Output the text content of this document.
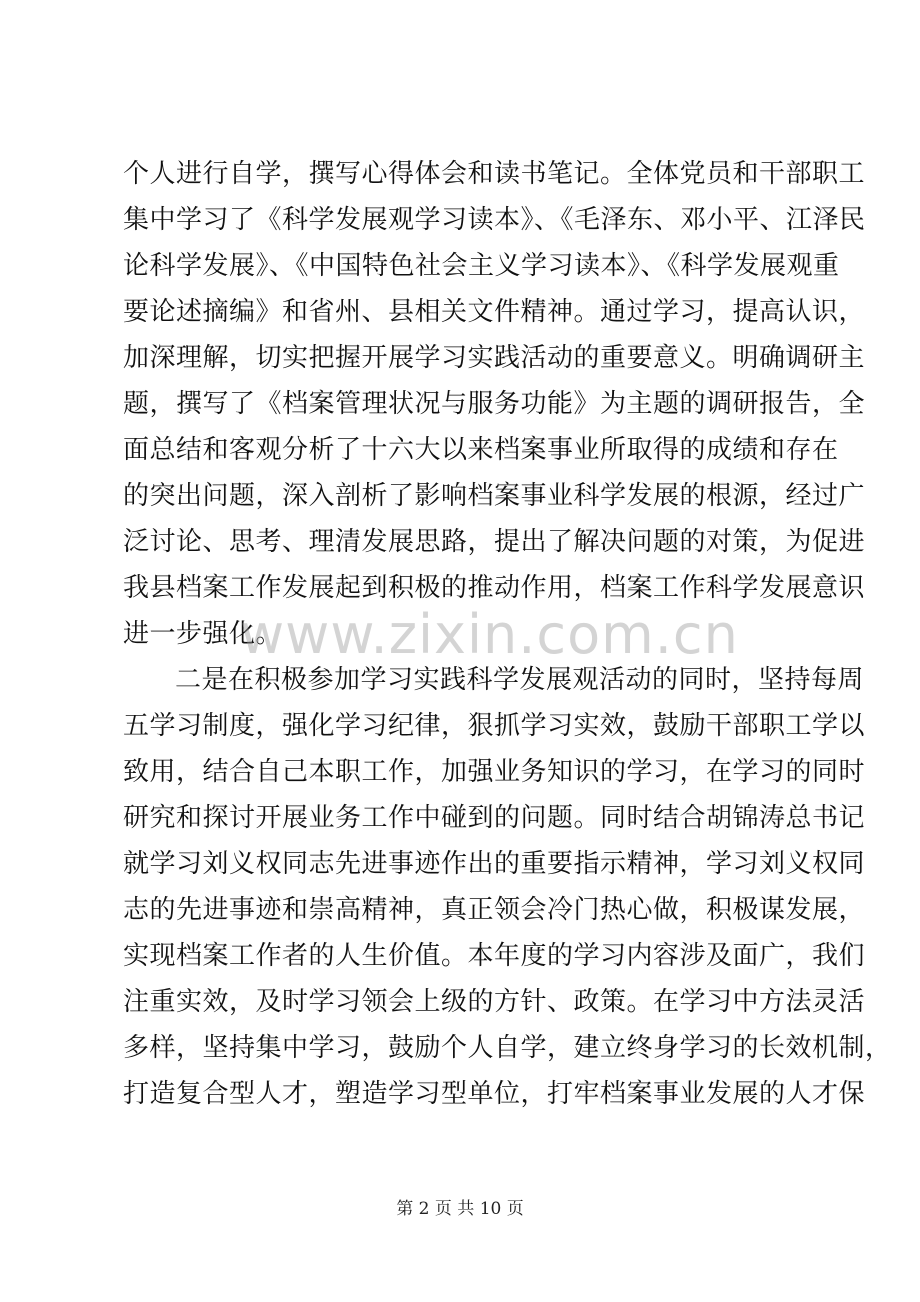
个人进行自学，撰写心得体会和读书笔记。全体党员和干部职工
集中学习了《科学发展观学习读本》、《毛泽东、邓小平、江泽民
论科学发展》、《中国特色社会主义学习读本》、《科学发展观重
要论述摘编》和省州、县相关文件精神。通过学习，提高认识，
加深理解，切实把握开展学习实践活动的重要意义。明确调研主
题，撰写了《档案管理状况与服务功能》为主题的调研报告，全
面总结和客观分析了十六大以来档案事业所取得的成绩和存在
的突出问题，深入剖析了影响档案事业科学发展的根源，经过广
泛讨论、思考、理清发展思路，提出了解决问题的对策，为促进
我县档案工作发展起到积极的推动作用，档案工作科学发展意识
进一步强化。
二是在积极参加学习实践科学发展观活动的同时，坚持每周
五学习制度，强化学习纪律，狠抓学习实效，鼓励干部职工学以
致用，结合自己本职工作，加强业务知识的学习，在学习的同时
研究和探讨开展业务工作中碰到的问题。同时结合胡锦涛总书记
就学习刘义权同志先进事迹作出的重要指示精神，学习刘义权同
志的先进事迹和崇高精神，真正领会冷门热心做，积极谋发展，
实现档案工作者的人生价值。本年度的学习内容涉及面广，我们
注重实效，及时学习领会上级的方针、政策。在学习中方法灵活
多样，坚持集中学习，鼓励个人自学，建立终身学习的长效机制，
打造复合型人才，塑造学习型单位，打牢档案事业发展的人才保
www.zixin.com.cn
第 2 页 共 10 页
